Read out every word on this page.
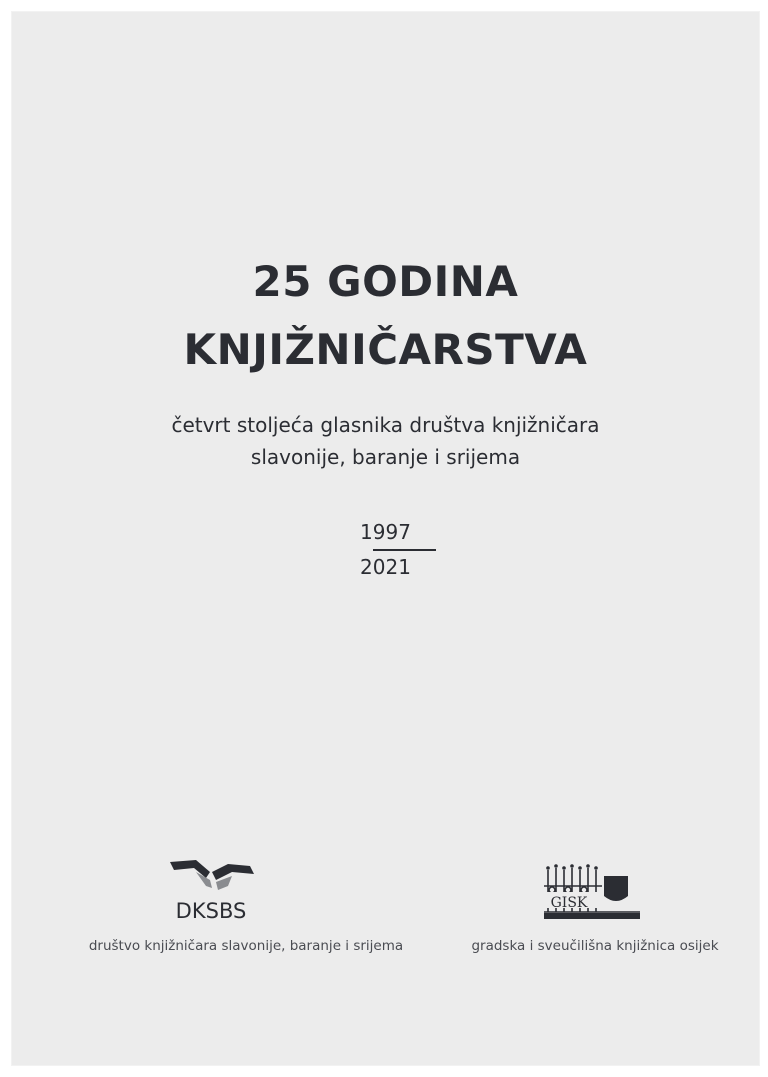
25 GODINA
KNJIŽNIČARSTVA
četvrt stoljeća glasnika društva knjižničara
slavonije, baranje i srijema
1997
2021
DKSBS	GISK
društvo knjižničara slavonije, baranje i srijema	gradska i sveučilišna knjižnica osijek
